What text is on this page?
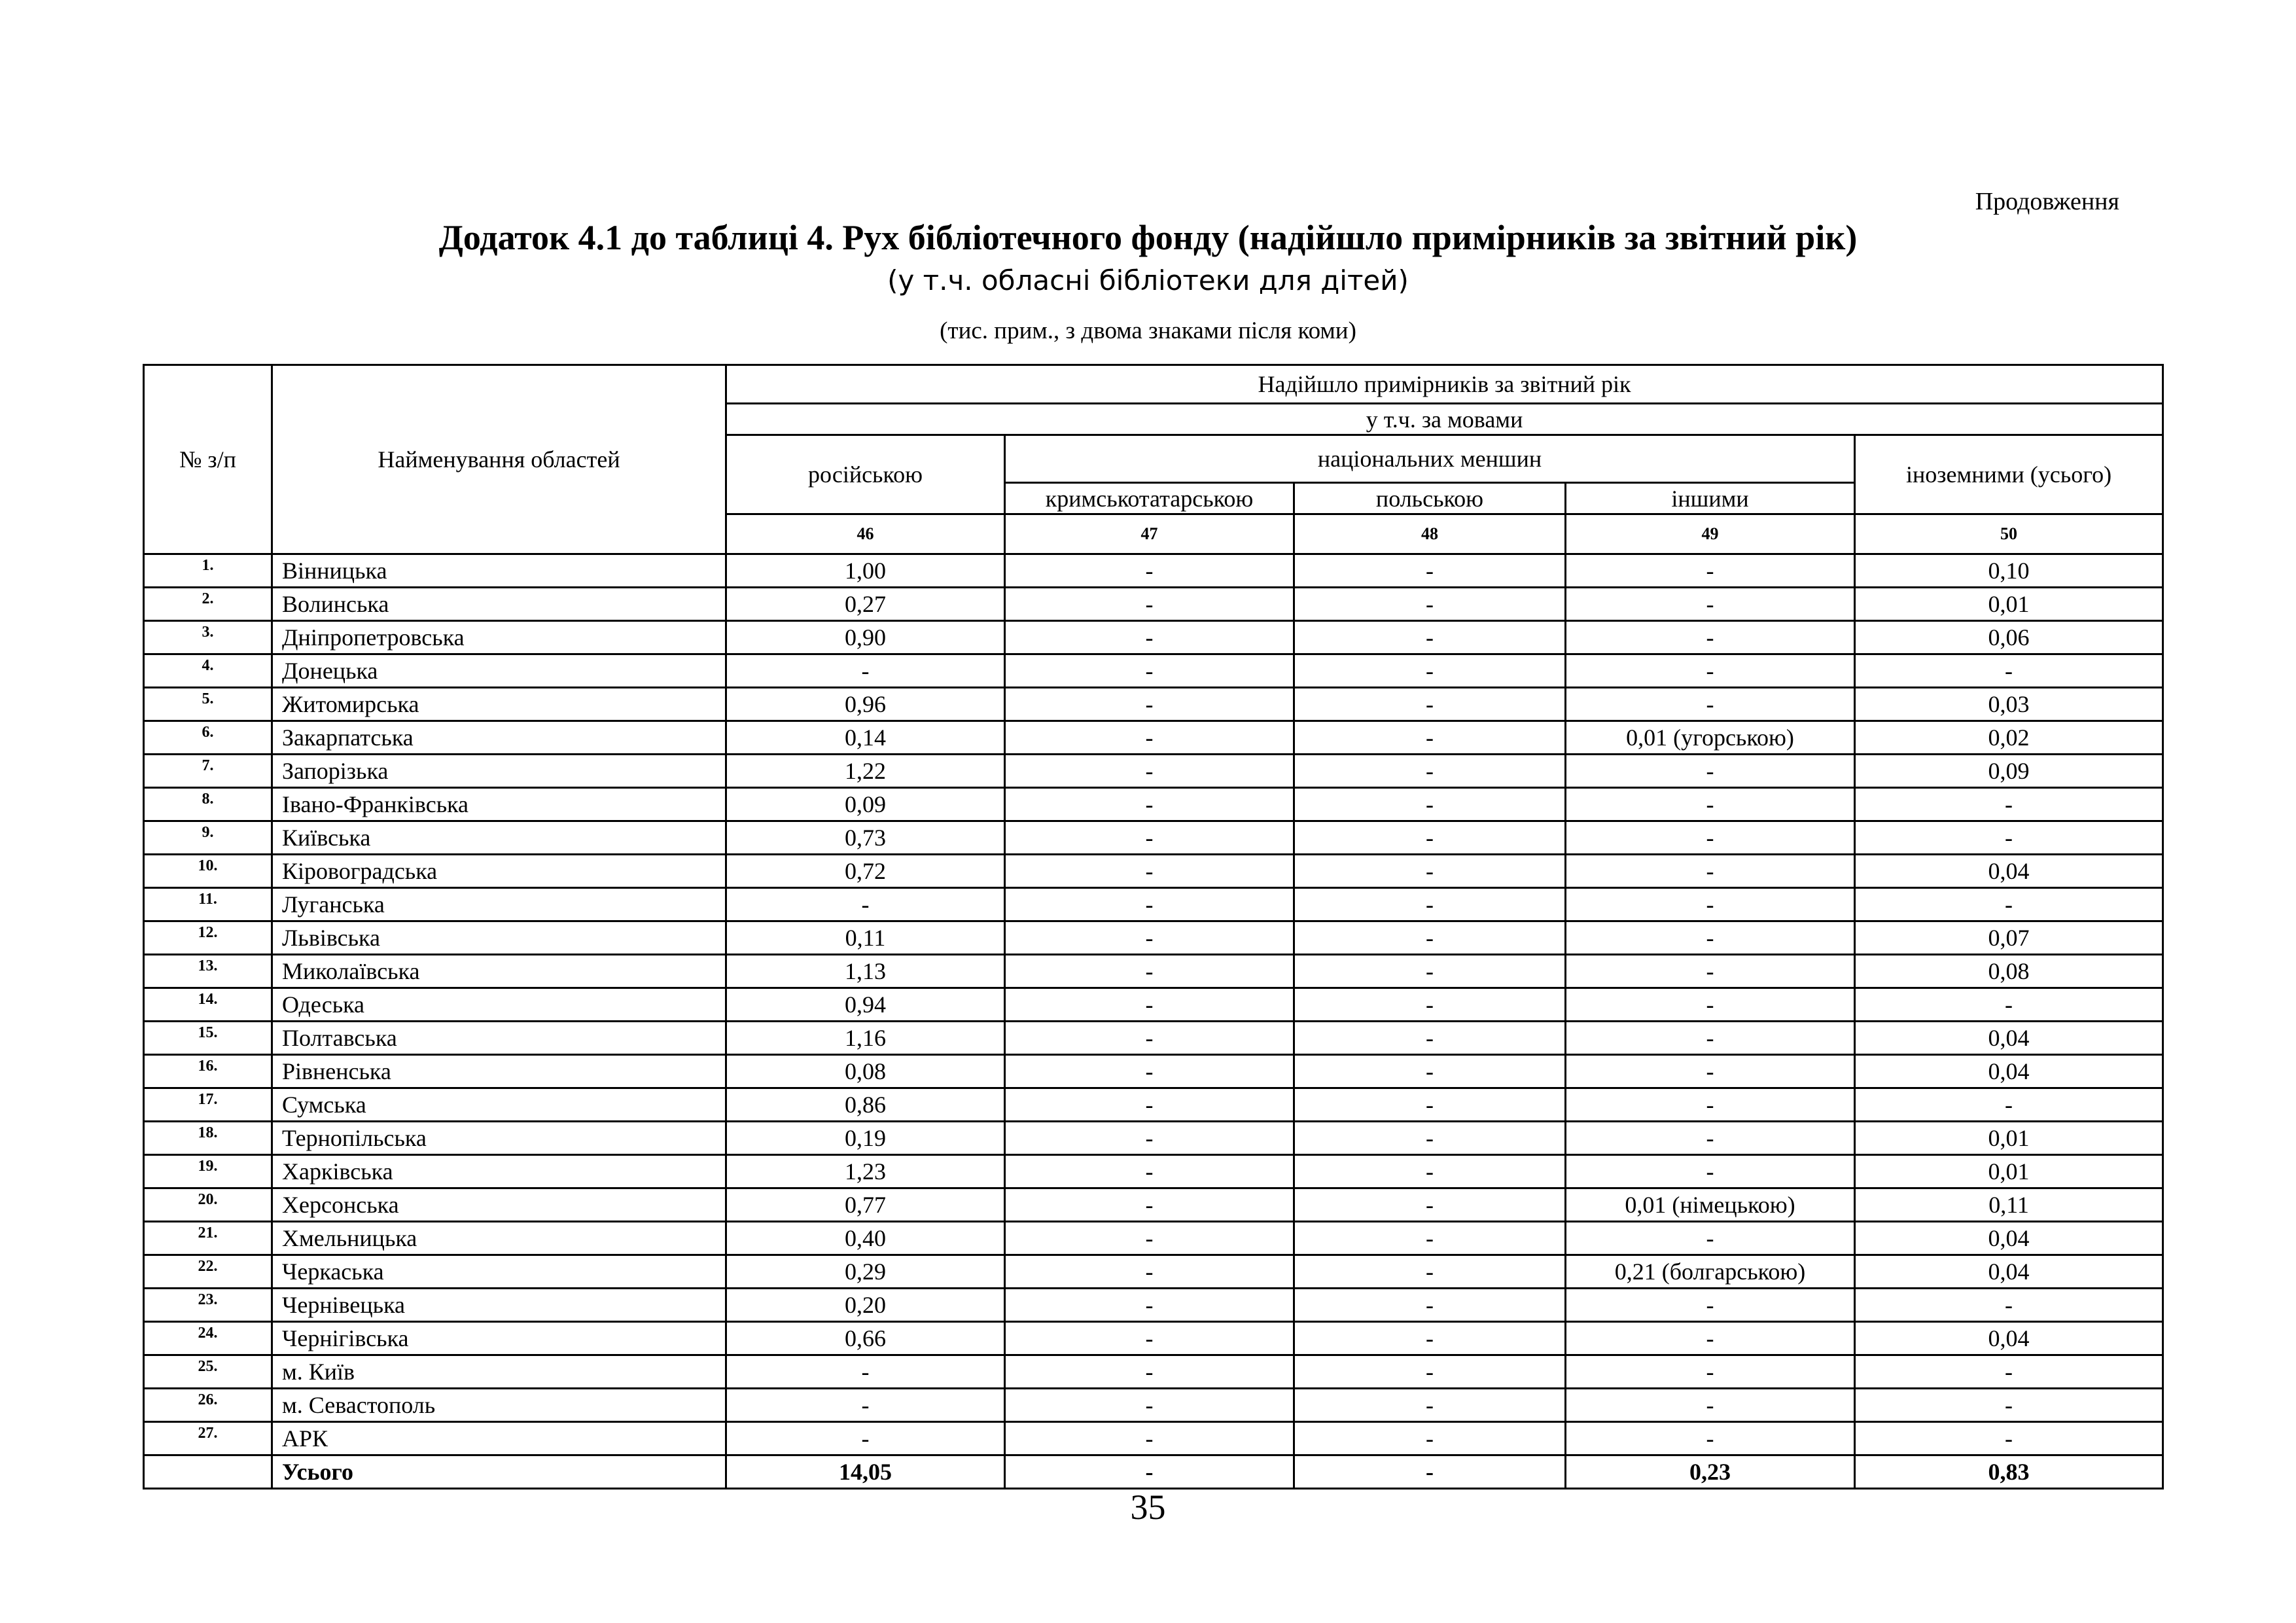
Продовження
Додаток 4.1 до таблиці 4. Рух бібліотечного фонду (надійшло примірників за звітний рік)
(у т.ч. обласні бібліотеки для дітей)
(тис. прим., з двома знаками після коми)
№ з/п	Найменування областей	Надійшло примірників за звітний рік				
		у т.ч. за мовами				
		російською	національних меншин			іноземними (усього)
			кримськотатарською	польською	іншими	
		46	47	48	49	50
1.	Вінницька	1,00	-	-	-	0,10
2.	Волинська	0,27	-	-	-	0,01
3.	Дніпропетровська	0,90	-	-	-	0,06
4.	Донецька	-	-	-	-	-
5.	Житомирська	0,96	-	-	-	0,03
6.	Закарпатська	0,14	-	-	0,01 (угорською)	0,02
7.	Запорізька	1,22	-	-	-	0,09
8.	Івано-Франківська	0,09	-	-	-	-
9.	Київська	0,73	-	-	-	-
10.	Кіровоградська	0,72	-	-	-	0,04
11.	Луганська	-	-	-	-	-
12.	Львівська	0,11	-	-	-	0,07
13.	Миколаївська	1,13	-	-	-	0,08
14.	Одеська	0,94	-	-	-	-
15.	Полтавська	1,16	-	-	-	0,04
16.	Рівненська	0,08	-	-	-	0,04
17.	Сумська	0,86	-	-	-	-
18.	Тернопільська	0,19	-	-	-	0,01
19.	Харківська	1,23	-	-	-	0,01
20.	Херсонська	0,77	-	-	0,01 (німецькою)	0,11
21.	Хмельницька	0,40	-	-	-	0,04
22.	Черкаська	0,29	-	-	0,21 (болгарською)	0,04
23.	Чернівецька	0,20	-	-	-	-
24.	Чернігівська	0,66	-	-	-	0,04
25.	м. Київ	-	-	-	-	-
26.	м. Севастополь	-	-	-	-	-
27.	АРК	-	-	-	-	-
	Усього	14,05	-	-	0,23	0,83
35
